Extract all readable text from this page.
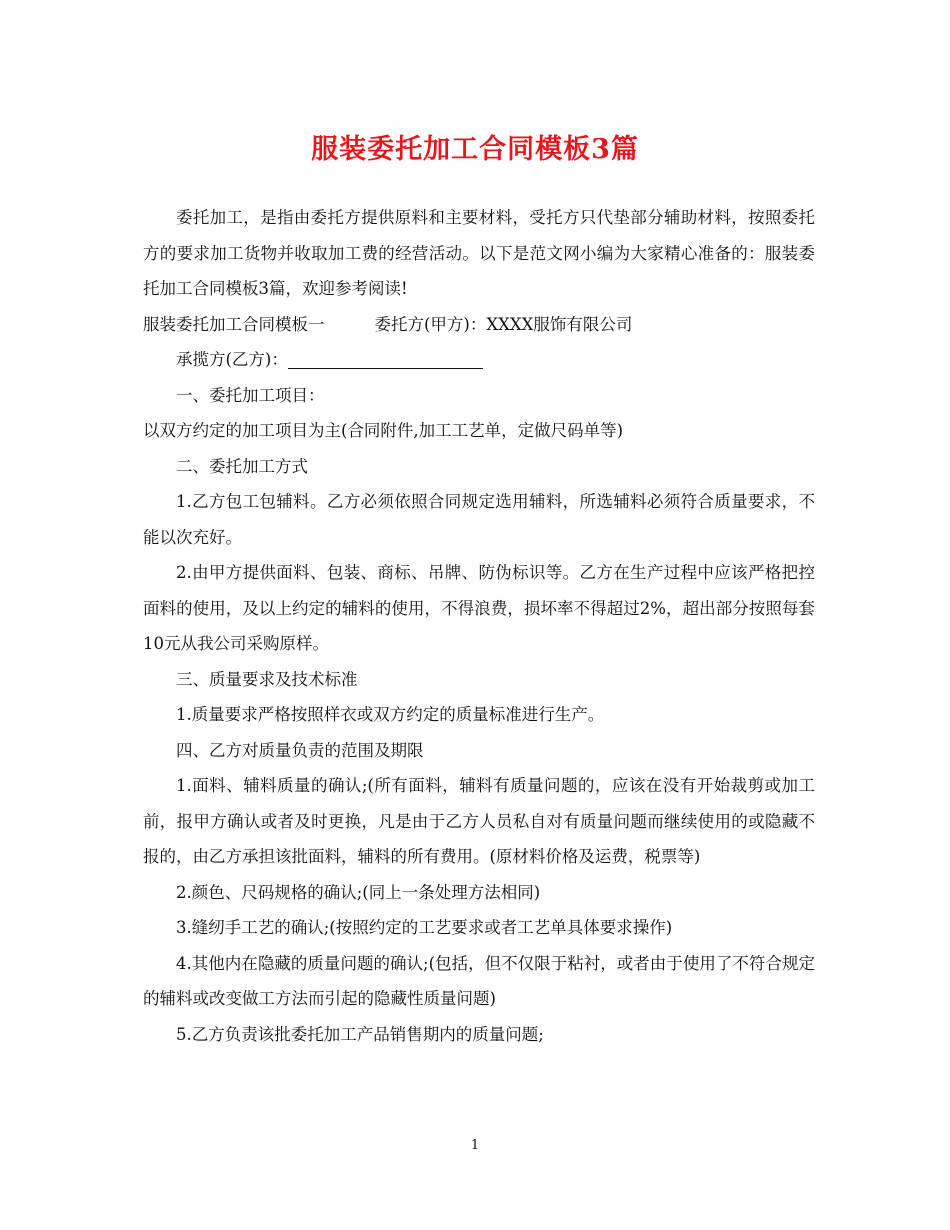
服装委托加工合同模板3篇

委托加工，是指由委托方提供原料和主要材料，受托方只代垫部分辅助材料，按照委托方的要求加工货物并收取加工费的经营活动。以下是范文网小编为大家精心准备的：服装委托加工合同模板3篇，欢迎参考阅读!

服装委托加工合同模板一	委托方(甲方)：XXXX服饰有限公司

承揽方(乙方)：

一、委托加工项目：

以双方约定的加工项目为主(合同附件,加工工艺单，定做尺码单等)

二、委托加工方式

1.乙方包工包辅料。乙方必须依照合同规定选用辅料，所选辅料必须符合质量要求，不能以次充好。

2.由甲方提供面料、包装、商标、吊牌、防伪标识等。乙方在生产过程中应该严格把控面料的使用，及以上约定的辅料的使用，不得浪费，损坏率不得超过2%，超出部分按照每套10元从我公司采购原样。

三、质量要求及技术标准

1.质量要求严格按照样衣或双方约定的质量标准进行生产。

四、乙方对质量负责的范围及期限

1.面料、辅料质量的确认;(所有面料，辅料有质量问题的，应该在没有开始裁剪或加工前，报甲方确认或者及时更换，凡是由于乙方人员私自对有质量问题而继续使用的或隐藏不报的，由乙方承担该批面料，辅料的所有费用。(原材料价格及运费，税票等)

2.颜色、尺码规格的确认;(同上一条处理方法相同)

3.缝纫手工艺的确认;(按照约定的工艺要求或者工艺单具体要求操作)

4.其他内在隐藏的质量问题的确认;(包括，但不仅限于粘衬，或者由于使用了不符合规定的辅料或改变做工方法而引起的隐藏性质量问题)

5.乙方负责该批委托加工产品销售期内的质量问题;

1
